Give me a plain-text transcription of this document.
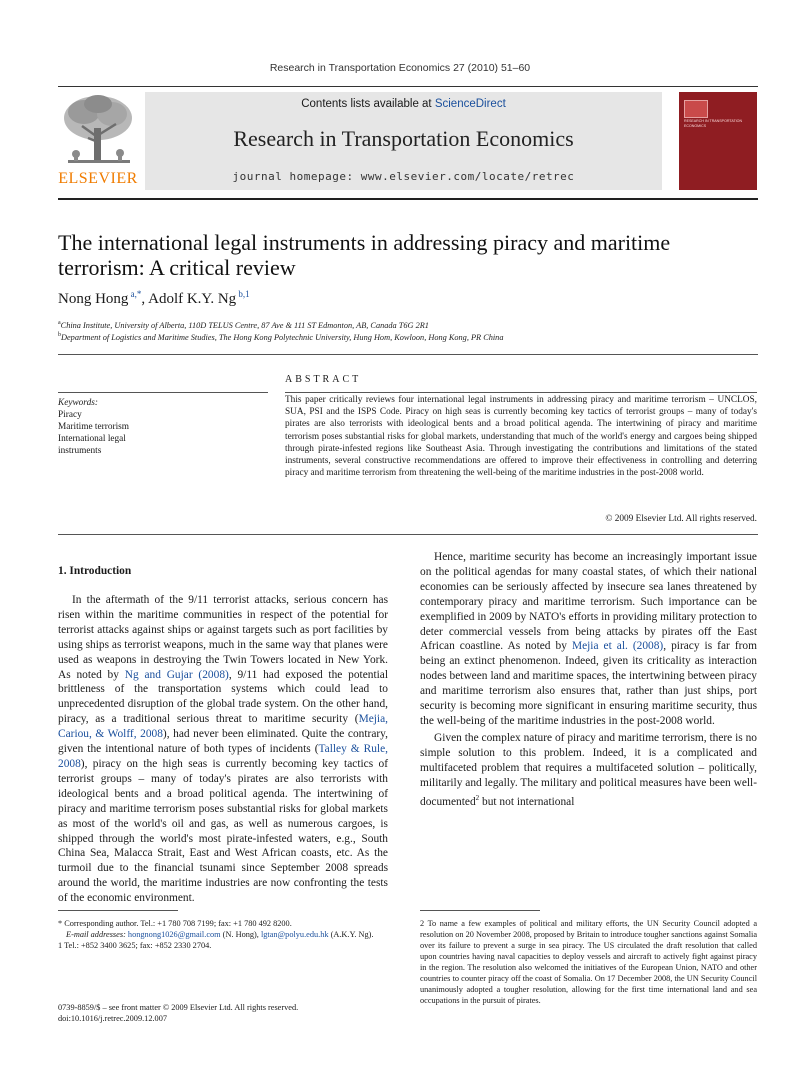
Research in Transportation Economics 27 (2010) 51–60
ELSEVIER
Contents lists available at ScienceDirect
Research in Transportation Economics
journal homepage: www.elsevier.com/locate/retrec
RESEARCH IN TRANSPORTATION ECONOMICS
The international legal instruments in addressing piracy and maritime terrorism: A critical review
Nong Hong $^{a,*}$, Adolf K.Y. Ng $^{b,1}$
$^a$China Institute, University of Alberta, 110D TELUS Centre, 87 Ave & 111 ST Edmonton, AB, Canada T6G 2R1
$^b$Department of Logistics and Maritime Studies, The Hong Kong Polytechnic University, Hung Hom, Kowloon, Hong Kong, PR China
Keywords:
Piracy
Maritime terrorism
International legal
instruments
ABSTRACT
This paper critically reviews four international legal instruments in addressing piracy and maritime terrorism – UNCLOS, SUA, PSI and the ISPS Code. Piracy on high seas is currently becoming key tactics of terrorist groups – many of today's pirates are also terrorists with ideological bents and a broad political agenda. The intertwining of piracy and maritime terrorism poses substantial risks for global markets, understanding that much of the world's energy and cargoes being shipped through pirate-infested regions like Southeast Asia. Through investigating the contributions and limitations of the stated instruments, several constructive recommendations are offered to improve their effectiveness in controlling and deterring piracy and maritime terrorism from threatening the well-being of the maritime industries in the post-2008 world.
© 2009 Elsevier Ltd. All rights reserved.
1. Introduction

In the aftermath of the 9/11 terrorist attacks, serious concern has risen within the maritime communities in respect of the potential for terrorist attacks against ships or against targets such as port facilities by using ships as terrorist weapons, much in the same way that planes were used as weapons in destroying the Twin Towers located in New York. As noted by Ng and Gujar (2008), 9/11 had exposed the potential brittleness of the transportation systems which could lead to unprecedented disruption of the global trade system. On the other hand, piracy, as a traditional serious threat to maritime security (Mejia, Cariou, & Wolff, 2008), had never been eliminated. Quite the contrary, given the intentional nature of both types of incidents (Talley & Rule, 2008), piracy on the high seas is currently becoming key tactics of terrorist groups – many of today's pirates are also terrorists with ideological bents and a broad political agenda. The intertwining of piracy and maritime terrorism poses substantial risks for global markets as most of the world's oil and gas, as well as numerous cargoes, is shipped through the world's most pirate-infested waters, e.g., South China Sea, Malacca Strait, East and West African coasts, etc. As the turmoil due to the financial tsunami since September 2008 spreads around the world, the maritime industries are now confronting the tests of the economic environment.

Hence, maritime security has become an increasingly important issue on the political agendas for many coastal states, of which their national economies can be seriously affected by insecure sea lanes threatened by contemporary piracy and maritime terrorism. Such importance can be exemplified in 2009 by NATO's efforts in providing military protection to deter commercial vessels from being attacks by pirates off the East African coastline. As noted by Mejia et al. (2008), piracy is far from being an extinct phenomenon. Indeed, given its criticality as interaction nodes between land and maritime spaces, the intertwining between piracy and maritime terrorism also ensures that, rather than just ships, port security is becoming more significant in ensuring maritime security, thus the well-being of the maritime industries in the post-2008 world.

Given the complex nature of piracy and maritime terrorism, there is no simple solution to this problem. Indeed, it is a complicated and multifaceted problem that requires a multifaceted solution – politically, militarily and legally. The military and political measures have been well-documented$^2$ but not international

* Corresponding author. Tel.: +1 780 708 7199; fax: +1 780 492 8200.
E-mail addresses: hongnong1026@gmail.com (N. Hong), lgtan@polyu.edu.hk (A.K.Y. Ng).
1 Tel.: +852 3400 3625; fax: +852 2330 2704.
2 To name a few examples of political and military efforts, the UN Security Council adopted a resolution on 20 November 2008, proposed by Britain to introduce tougher sanctions against Somalia over its failure to prevent a surge in sea piracy. The US circulated the draft resolution that called upon countries having naval capacities to deploy vessels and aircraft to actively fight against piracy in the region. The resolution also welcomed the initiatives of the European Union, NATO and other countries to counter piracy off the coast of Somalia. On 17 December 2008, the UN Security Council unanimously adopted a tougher resolution, allowing for the first time international land and sea occupations in the pursuit of pirates.
0739-8859/$ – see front matter © 2009 Elsevier Ltd. All rights reserved.
doi:10.1016/j.retrec.2009.12.007
